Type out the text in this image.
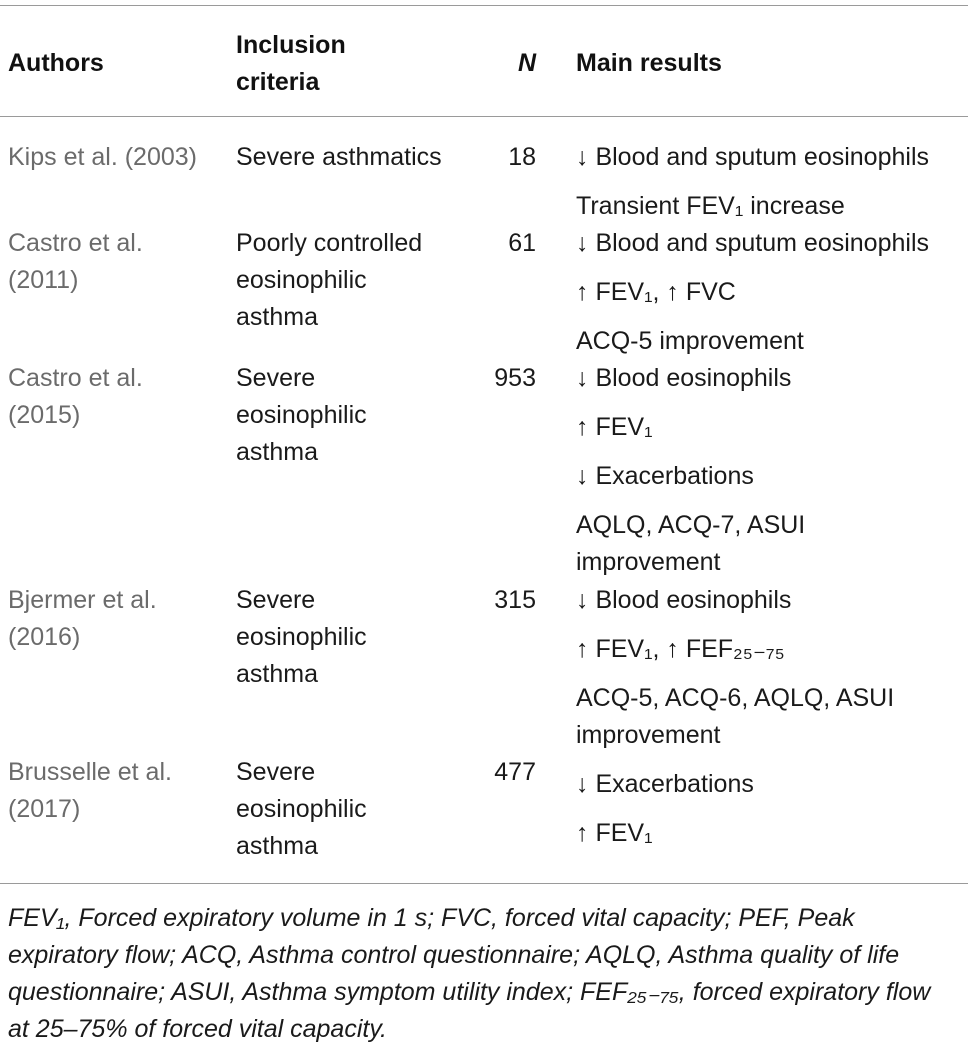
Authors
Inclusion
criteria
N Main results
Kips et al. (2003)	Severe asthmatics	18 ↓ Blood and sputum eosinophils
Transient FEV₁ increase
Castro et al.
(2011)
Poorly controlled
eosinophilic
asthma
61 ↓ Blood and sputum eosinophils
↑ FEV₁, ↑ FVC
ACQ-5 improvement
Castro et al.
(2015)
Severe
eosinophilic
asthma
953 ↓ Blood eosinophils
↑ FEV₁
↓ Exacerbations
AQLQ, ACQ-7, ASUI
improvement
Bjermer et al.
(2016)
Severe
eosinophilic
asthma
315 ↓ Blood eosinophils
↑ FEV₁, ↑ FEF₂₅₋₇₅
ACQ-5, ACQ-6, AQLQ, ASUI
improvement
Brusselle et al.
(2017)
Severe
eosinophilic
asthma
477 ↓ Exacerbations
↑ FEV₁
FEV₁, Forced expiratory volume in 1 s; FVC, forced vital capacity; PEF, Peak expiratory flow; ACQ, Asthma control questionnaire; AQLQ, Asthma quality of life questionnaire; ASUI, Asthma symptom utility index; FEF₂₅₋₇₅, forced expiratory flow at 25–75% of forced vital capacity.
